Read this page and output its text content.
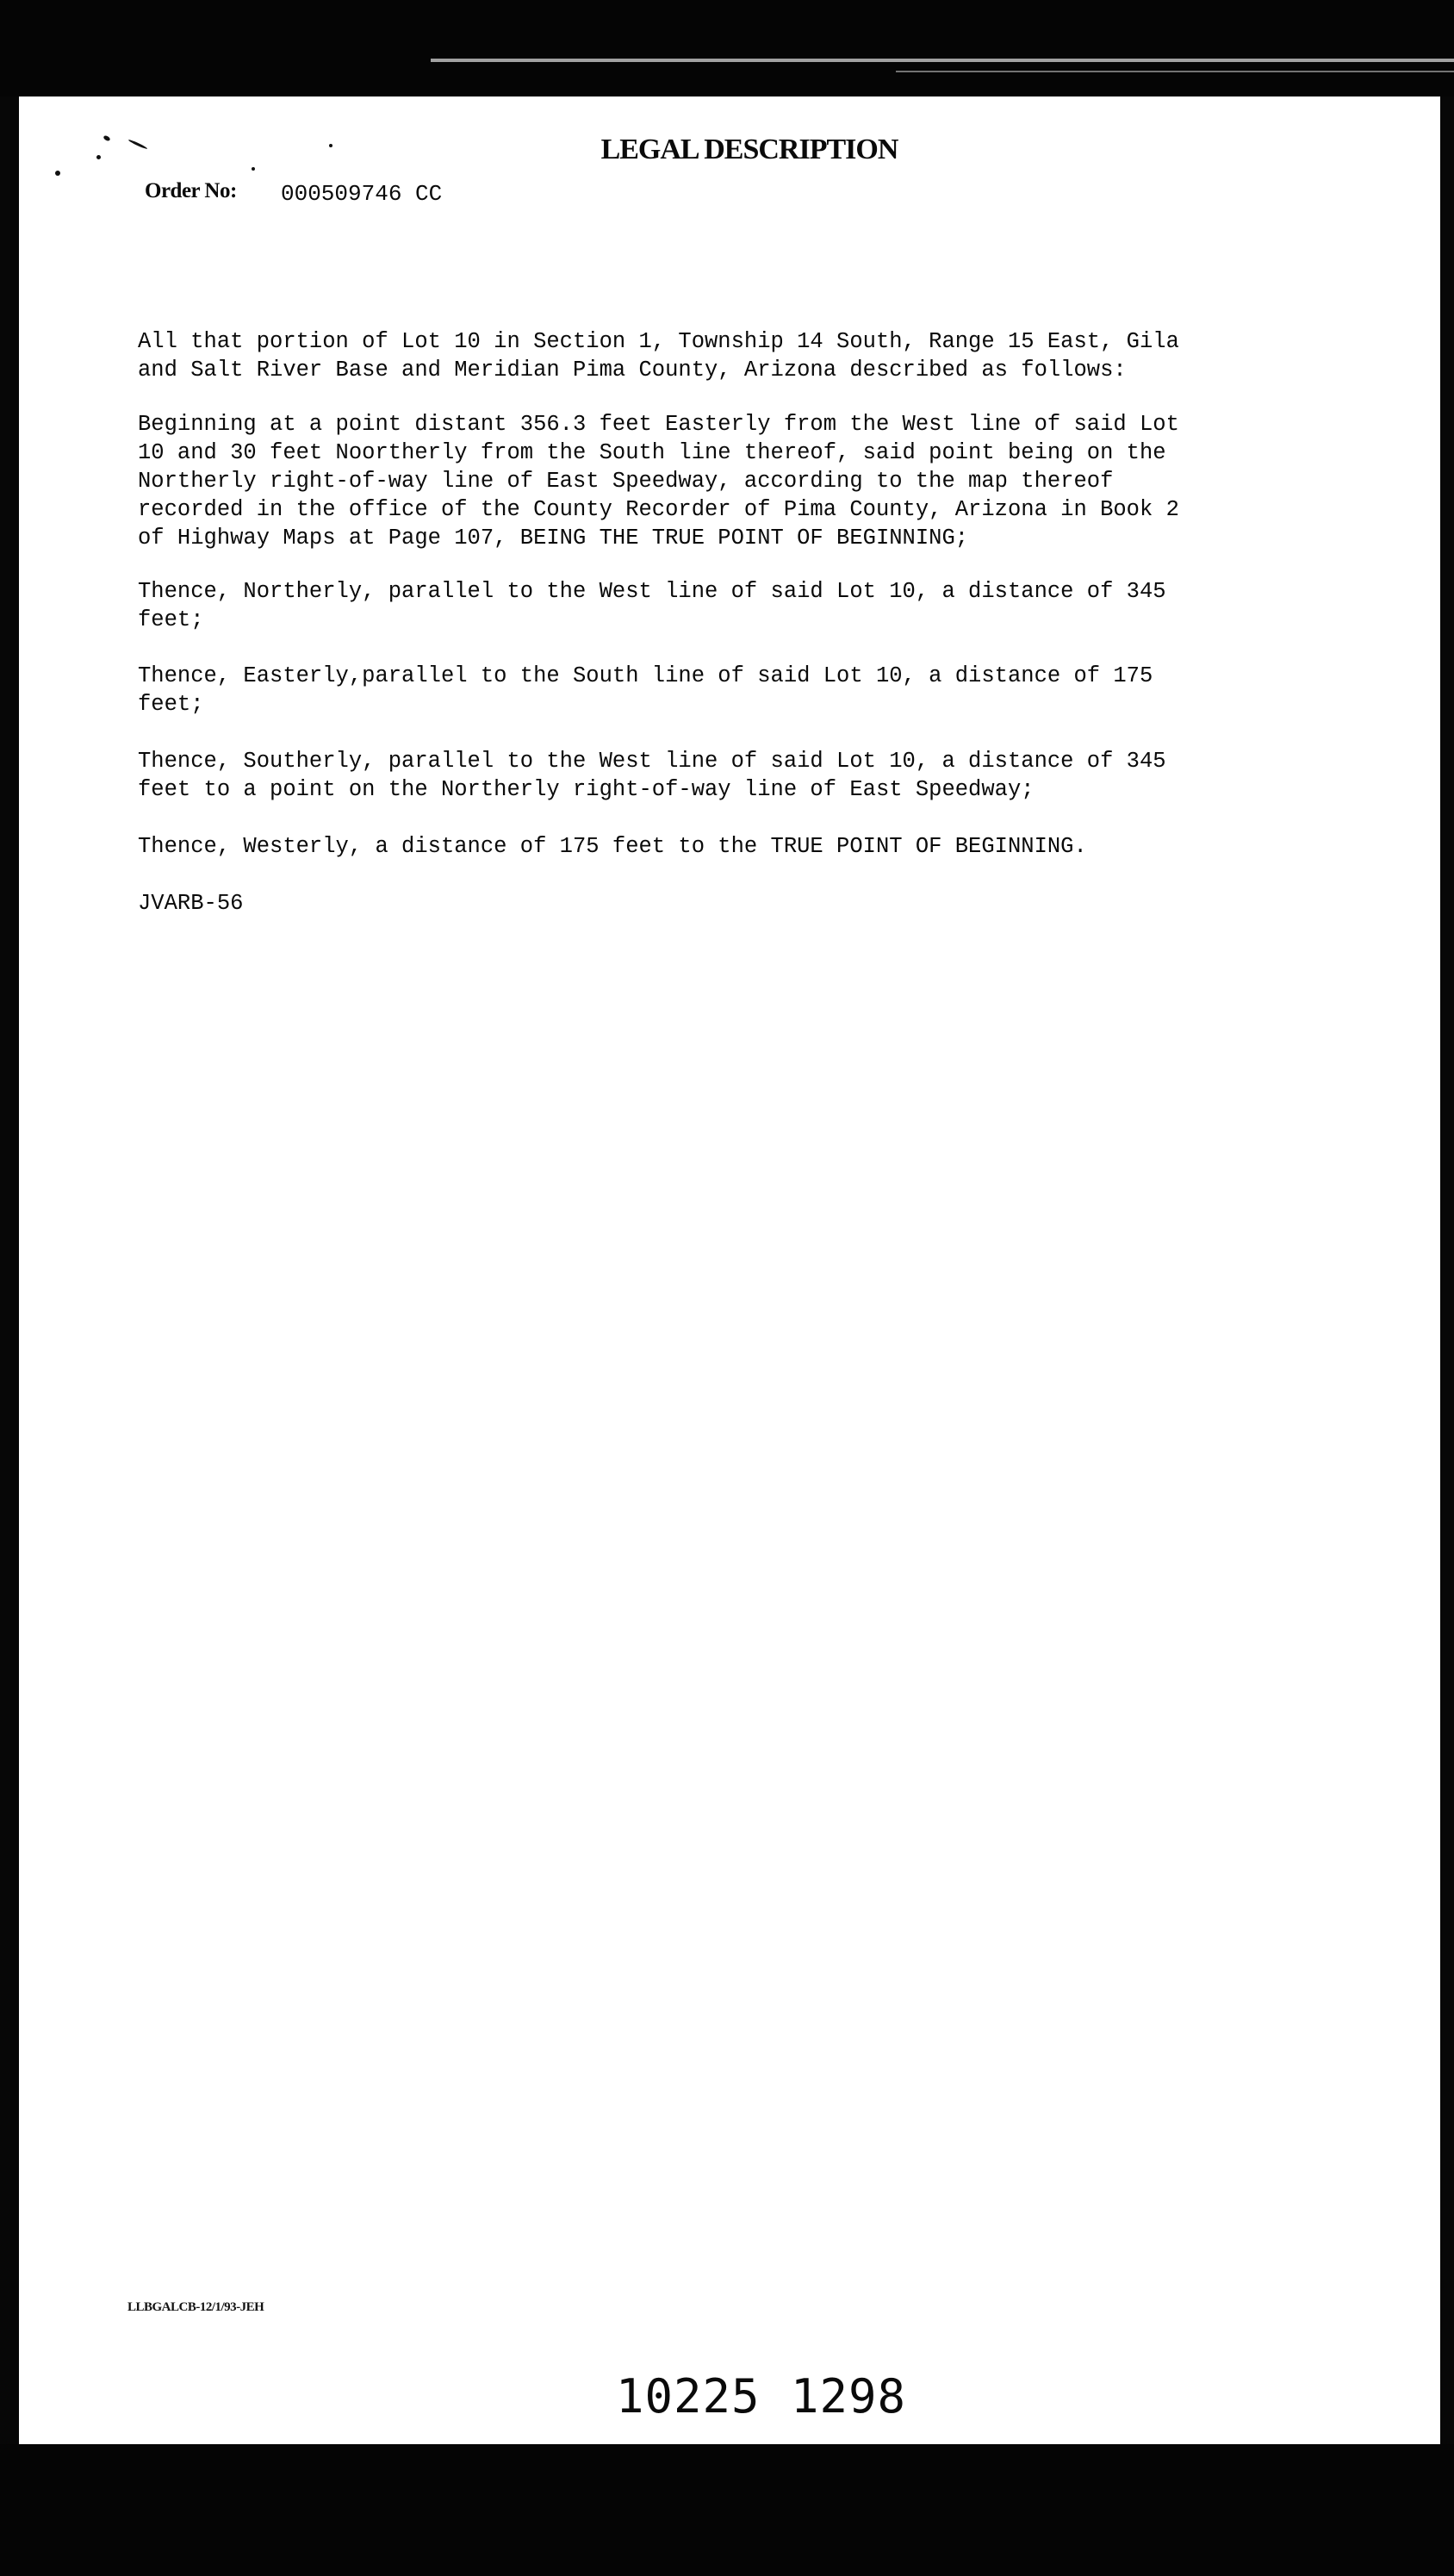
LEGAL DESCRIPTION
Order No: 000509746 CC
All that portion of Lot 10 in Section 1, Township 14 South, Range 15 East, Gila
and Salt River Base and Meridian Pima County, Arizona described as follows:
Beginning at a point distant 356.3 feet Easterly from the West line of said Lot
10 and 30 feet Noortherly from the South line thereof, said point being on the
Northerly right-of-way line of East Speedway, according to the map thereof
recorded in the office of the County Recorder of Pima County, Arizona in Book 2
of Highway Maps at Page 107, BEING THE TRUE POINT OF BEGINNING;
Thence, Northerly, parallel to the West line of said Lot 10, a distance of 345
feet;
Thence, Easterly,parallel to the South line of said Lot 10, a distance of 175
feet;
Thence, Southerly, parallel to the West line of said Lot 10, a distance of 345
feet to a point on the Northerly right-of-way line of East Speedway;
Thence, Westerly, a distance of 175 feet to the TRUE POINT OF BEGINNING.
JVARB-56
LLBGALCB-12/1/93-JEH
10225 1298
